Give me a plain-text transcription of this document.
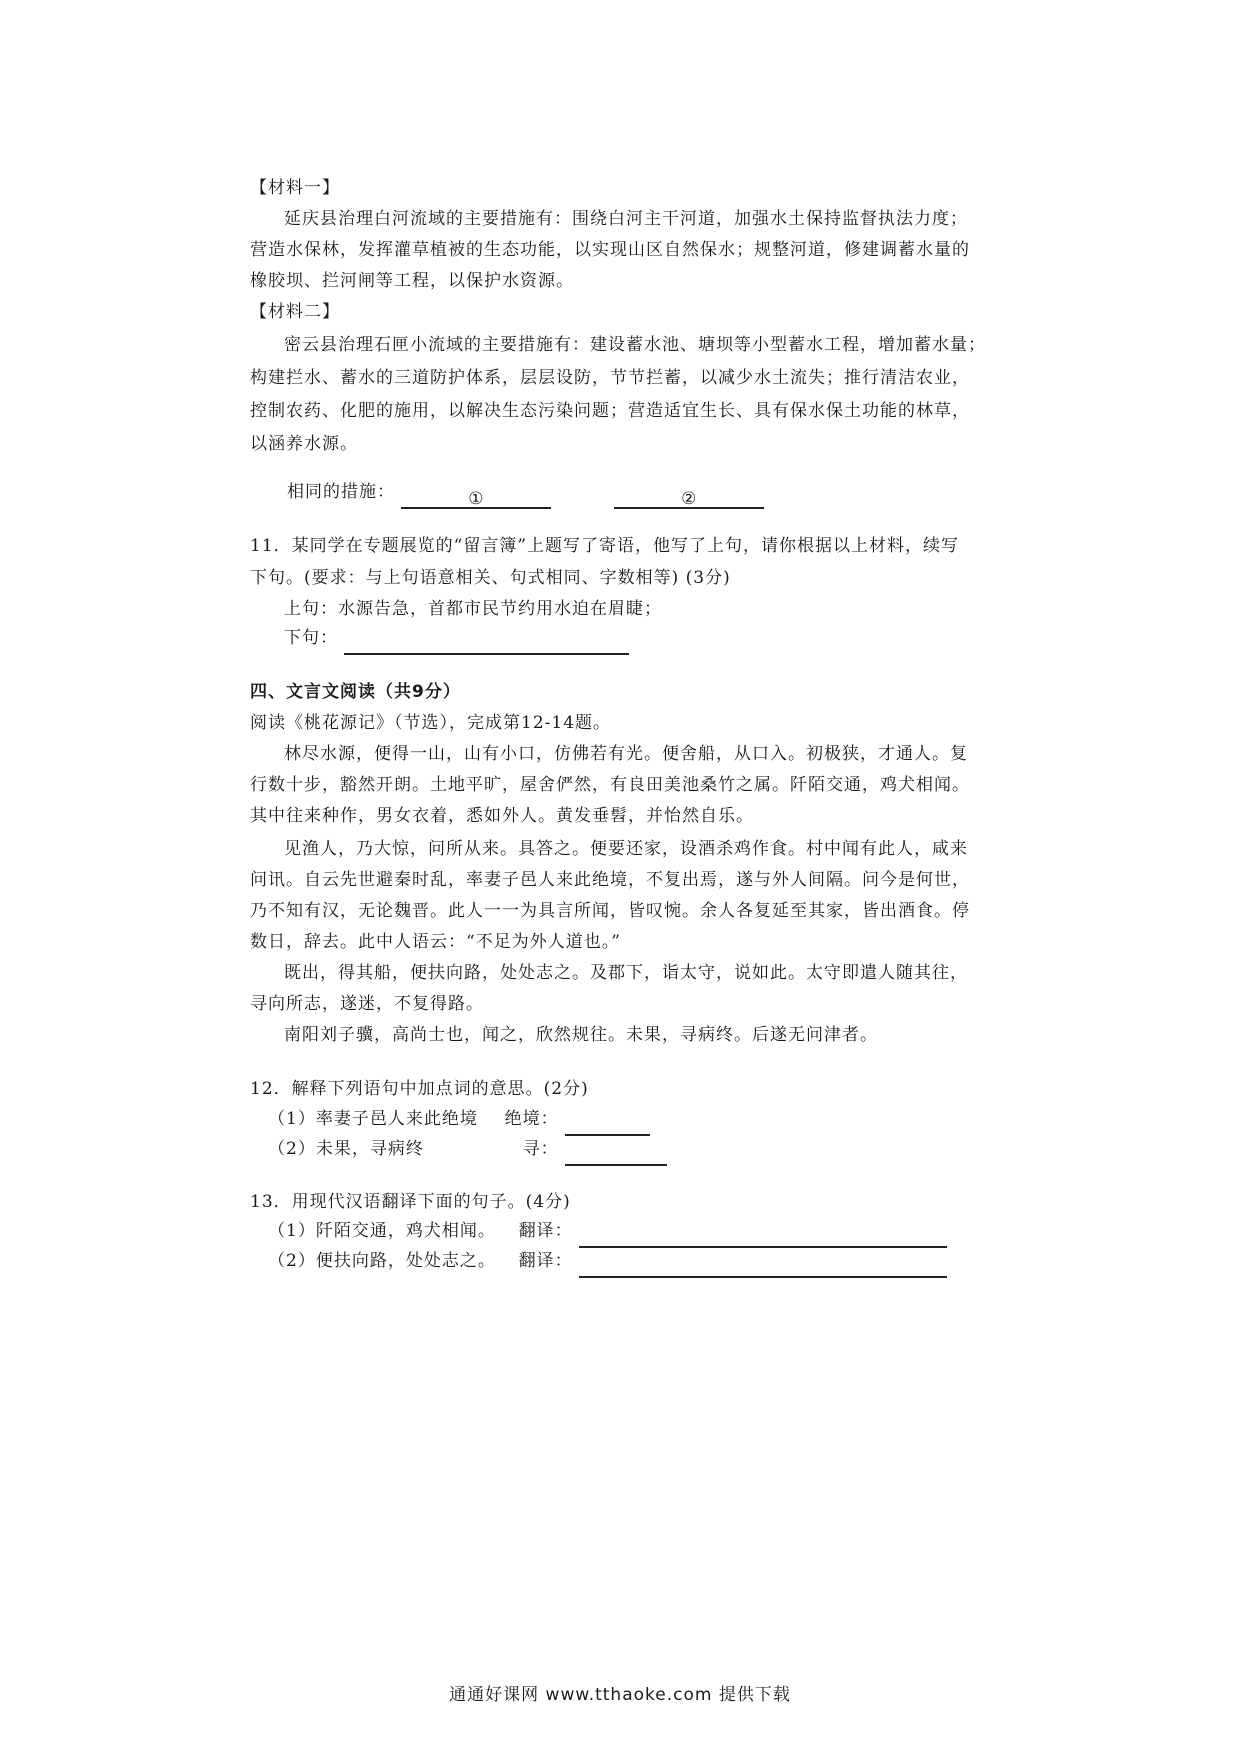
【材料一】
延庆县治理白河流域的主要措施有：围绕白河主干河道，加强水土保持监督执法力度；
营造水保林，发挥灌草植被的生态功能，以实现山区自然保水；规整河道，修建调蓄水量的
橡胶坝、拦河闸等工程，以保护水资源。
【材料二】
密云县治理石匣小流域的主要措施有：建设蓄水池、塘坝等小型蓄水工程，增加蓄水量；
构建拦水、蓄水的三道防护体系，层层设防，节节拦蓄，以减少水土流失；推行清洁农业，
控制农药、化肥的施用，以解决生态污染问题；营造适宜生长、具有保水保土功能的林草，
以涵养水源。
相同的措施：	①	②
11．某同学在专题展览的“留言簿”上题写了寄语，他写了上句，请你根据以上材料，续写
下句。(要求：与上句语意相关、句式相同、字数相等) (3分)
上句：水源告急，首都市民节约用水迫在眉睫；
下句：
四、文言文阅读（共9分）
阅读《桃花源记》（节选），完成第12-14题。
林尽水源，便得一山，山有小口，仿佛若有光。便舍船，从口入。初极狭，才通人。复
行数十步，豁然开朗。土地平旷，屋舍俨然，有良田美池桑竹之属。阡陌交通，鸡犬相闻。
其中往来种作，男女衣着，悉如外人。黄发垂髫，并怡然自乐。
见渔人，乃大惊，问所从来。具答之。便要还家，设酒杀鸡作食。村中闻有此人，咸来
问讯。自云先世避秦时乱，率妻子邑人来此绝境，不复出焉，遂与外人间隔。问今是何世，
乃不知有汉，无论魏晋。此人一一为具言所闻，皆叹惋。余人各复延至其家，皆出酒食。停
数日，辞去。此中人语云：“不足为外人道也。”
既出，得其船，便扶向路，处处志之。及郡下，诣太守，说如此。太守即遣人随其往，
寻向所志，遂迷，不复得路。
南阳刘子骥，高尚士也，闻之，欣然规往。未果，寻病终。后遂无问津者。
12．解释下列语句中加点词的意思。(2分)
（1）率妻子邑人来此绝境 绝境：
（2）未果，寻病终	寻：
13．用现代汉语翻译下面的句子。(4分)
（1）阡陌交通，鸡犬相闻。 翻译：
（2）便扶向路，处处志之。 翻译：
通通好课网 www.tthaoke.com 提供下载
